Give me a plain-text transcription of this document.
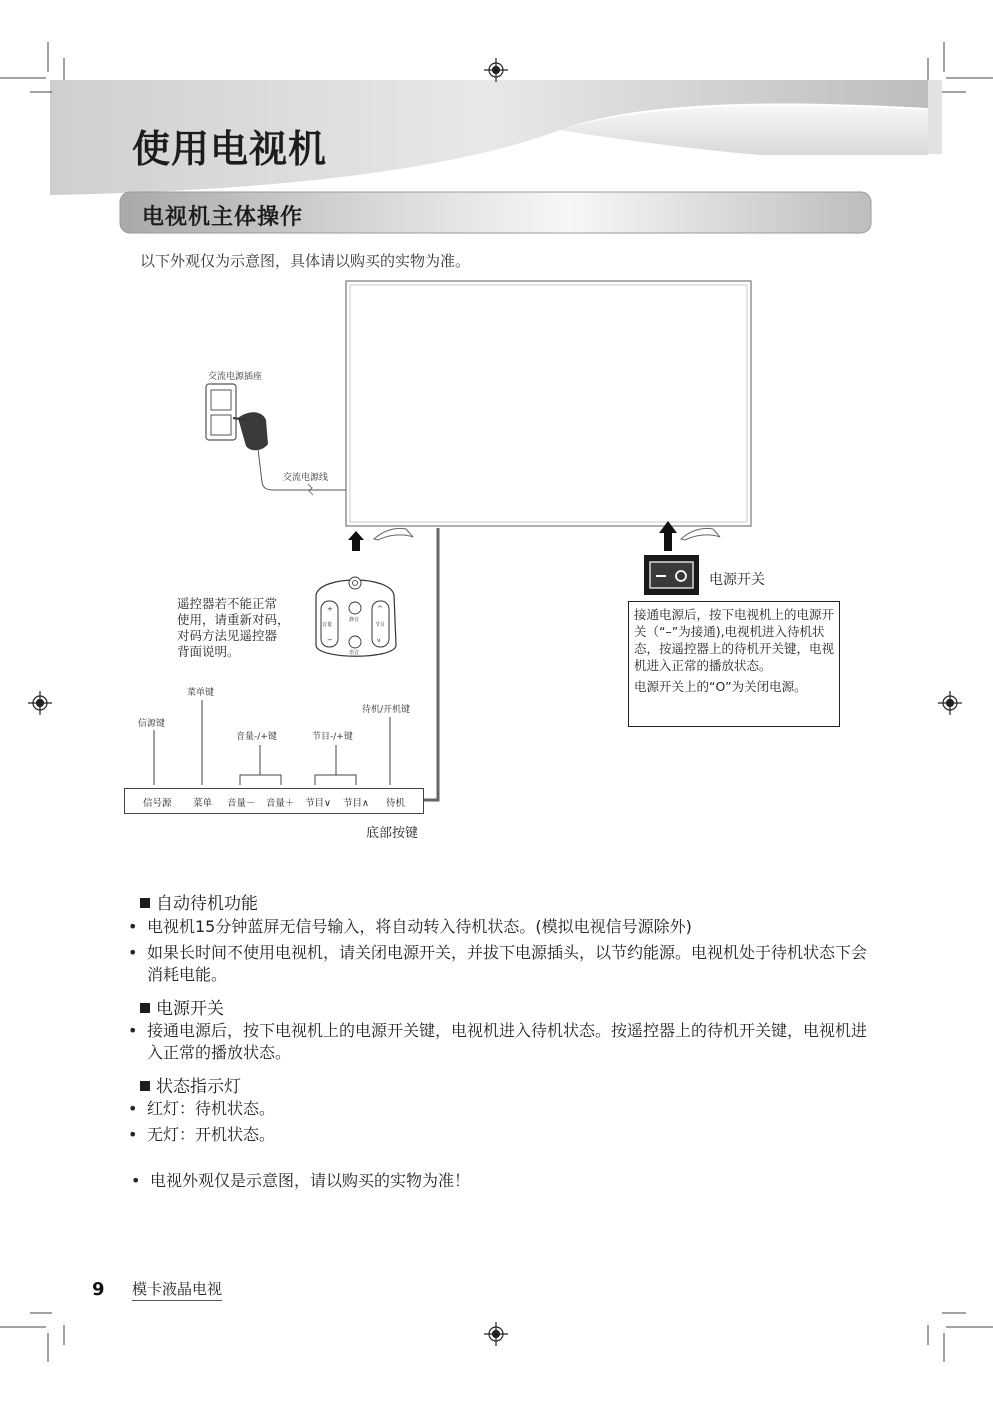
使用电视机
电视机主体操作
以下外观仅为示意图，具体请以购买的实物为准。
+
−
^
v
交流电源插座
交流电源线
音量
静音
节目
语音
遥控器若不能正常
使用，请重新对码，
对码方法见遥控器
背面说明。
信源键
菜单键
音量-/+键	节目-/+键
待机/开机键
信号源 菜单 音量－ 音量＋ 节目∨ 节目∧ 待机
底部按键
电源开关

接通电源后，按下电视机上的电源开关（“–”为接通),电视机进入待机状态，按遥控器上的待机开关键，电视机进入正常的播放状态。

电源开关上的“O”为关闭电源。

自动待机功能
• 电视机15分钟蓝屏无信号输入，将自动转入待机状态。(模拟电视信号源除外)
• 如果长时间不使用电视机，请关闭电源开关，并拔下电源插头，以节约能源。电视机处于待机状态下会消耗电能。
电源开关
• 接通电源后，按下电视机上的电源开关键，电视机进入待机状态。按遥控器上的待机开关键，电视机进入正常的播放状态。
状态指示灯
• 红灯：待机状态。
• 无灯：开机状态。
• 电视外观仅是示意图，请以购买的实物为准！
9 模卡液晶电视
